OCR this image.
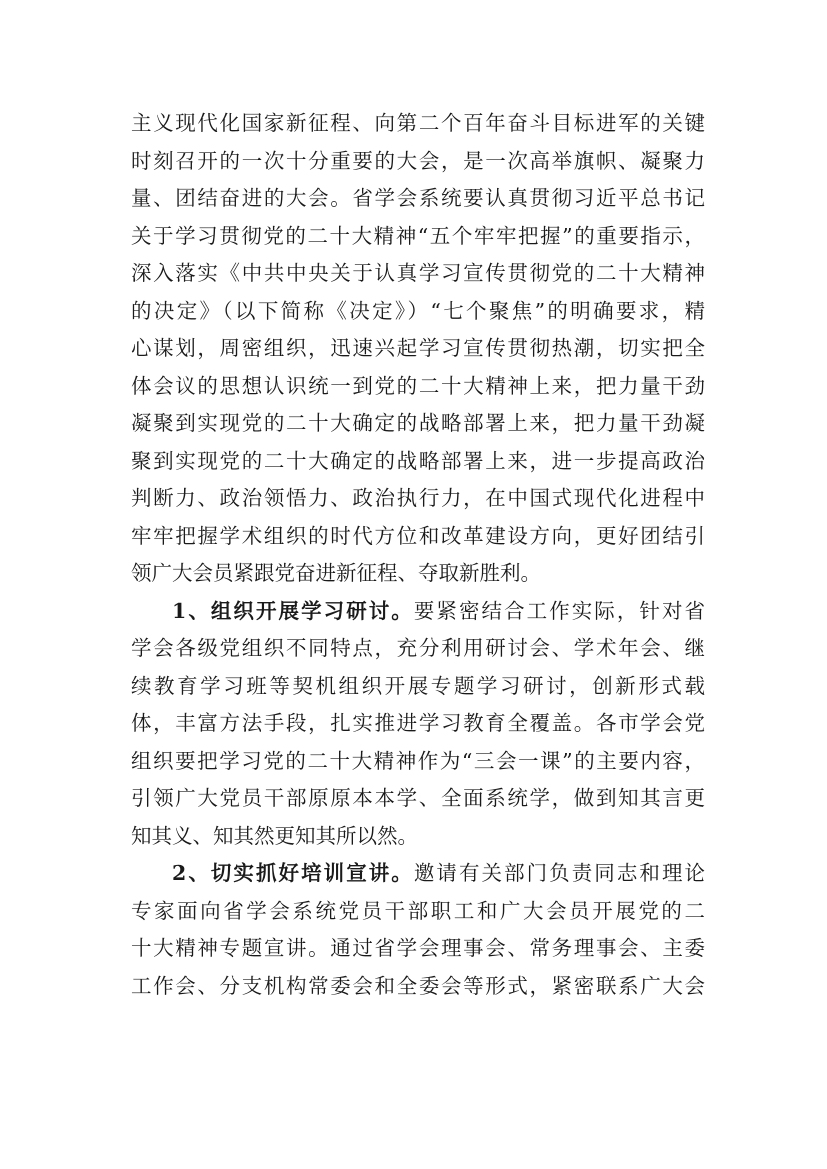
主义现代化国家新征程、向第二个百年奋斗目标进军的关键
时刻召开的一次十分重要的大会，是一次高举旗帜、凝聚力
量、团结奋进的大会。省学会系统要认真贯彻习近平总书记
关于学习贯彻党的二十大精神“五个牢牢把握”的重要指示，
深入落实《中共中央关于认真学习宣传贯彻党的二十大精神
的决定》（以下简称《决定》）“七个聚焦”的明确要求，精
心谋划，周密组织，迅速兴起学习宣传贯彻热潮，切实把全
体会议的思想认识统一到党的二十大精神上来，把力量干劲
凝聚到实现党的二十大确定的战略部署上来，把力量干劲凝
聚到实现党的二十大确定的战略部署上来，进一步提高政治
判断力、政治领悟力、政治执行力，在中国式现代化进程中
牢牢把握学术组织的时代方位和改革建设方向，更好团结引
领广大会员紧跟党奋进新征程、夺取新胜利。
1、组织开展学习研讨。要紧密结合工作实际，针对省
学会各级党组织不同特点，充分利用研讨会、学术年会、继
续教育学习班等契机组织开展专题学习研讨，创新形式载
体，丰富方法手段，扎实推进学习教育全覆盖。各市学会党
组织要把学习党的二十大精神作为“三会一课”的主要内容，
引领广大党员干部原原本本学、全面系统学，做到知其言更
知其义、知其然更知其所以然。
2、切实抓好培训宣讲。邀请有关部门负责同志和理论
专家面向省学会系统党员干部职工和广大会员开展党的二
十大精神专题宣讲。通过省学会理事会、常务理事会、主委
工作会、分支机构常委会和全委会等形式，紧密联系广大会
